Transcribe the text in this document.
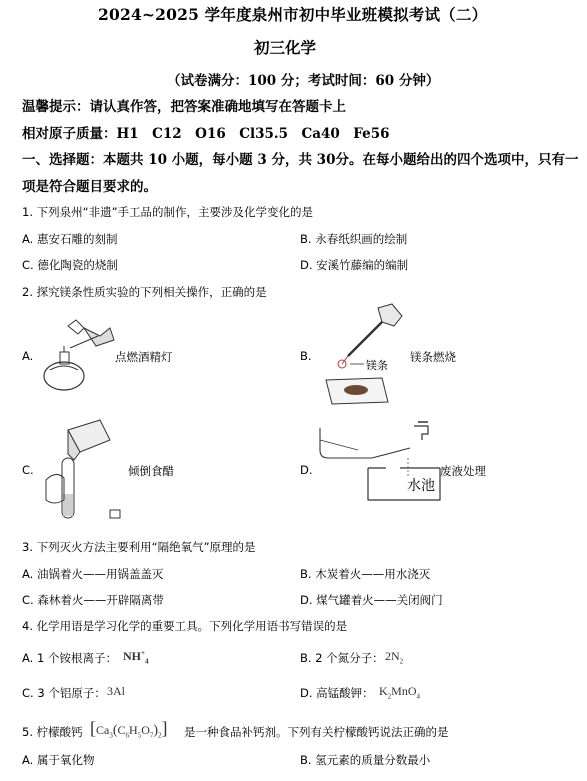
2024~2025 学年度泉州市初中毕业班模拟考试（二）
初三化学
（试卷满分：100 分；考试时间：60 分钟）
温馨提示：请认真作答，把答案准确地填写在答题卡上
相对原子质量：H1　C12　O16　Cl35.5　Ca40　Fe56
一、选择题：本题共 10 小题，每小题 3 分，共 30分。在每小题给出的四个选项中，只有一
项是符合题目要求的。
1. 下列泉州“非遗”手工品的制作，主要涉及化学变化的是
A. 惠安石雕的刻制	B. 永春纸织画的绘制
C. 德化陶瓷的烧制	D. 安溪竹藤编的编制
2. 探究镁条性质实验的下列相关操作，正确的是
A.	点燃酒精灯	B.
镁条
镁条燃烧
C.	倾倒食醋	D.
水池
废液处理
3. 下列灭火方法主要利用“隔绝氧气”原理的是
A. 油锅着火——用锅盖盖灭	B. 木炭着火——用水浇灭
C. 森林着火——开辟隔离带	D. 煤气罐着火——关闭阀门
4. 化学用语是学习化学的重要工具。下列化学用语书写错误的是
A. 1 个铵根离子： $NH^+_4$	B. 2 个氮分子： $2N_2$
C. 3 个铝原子： 3Al	D. 高锰酸钾： $K_2MnO_4$
5. 柠檬酸钙 $[Ca_3(C_6H_5O_7)_2]$ 是一种食品补钙剂。下列有关柠檬酸钙说法正确的是
A. 属于氧化物	B. 氢元素的质量分数最小
